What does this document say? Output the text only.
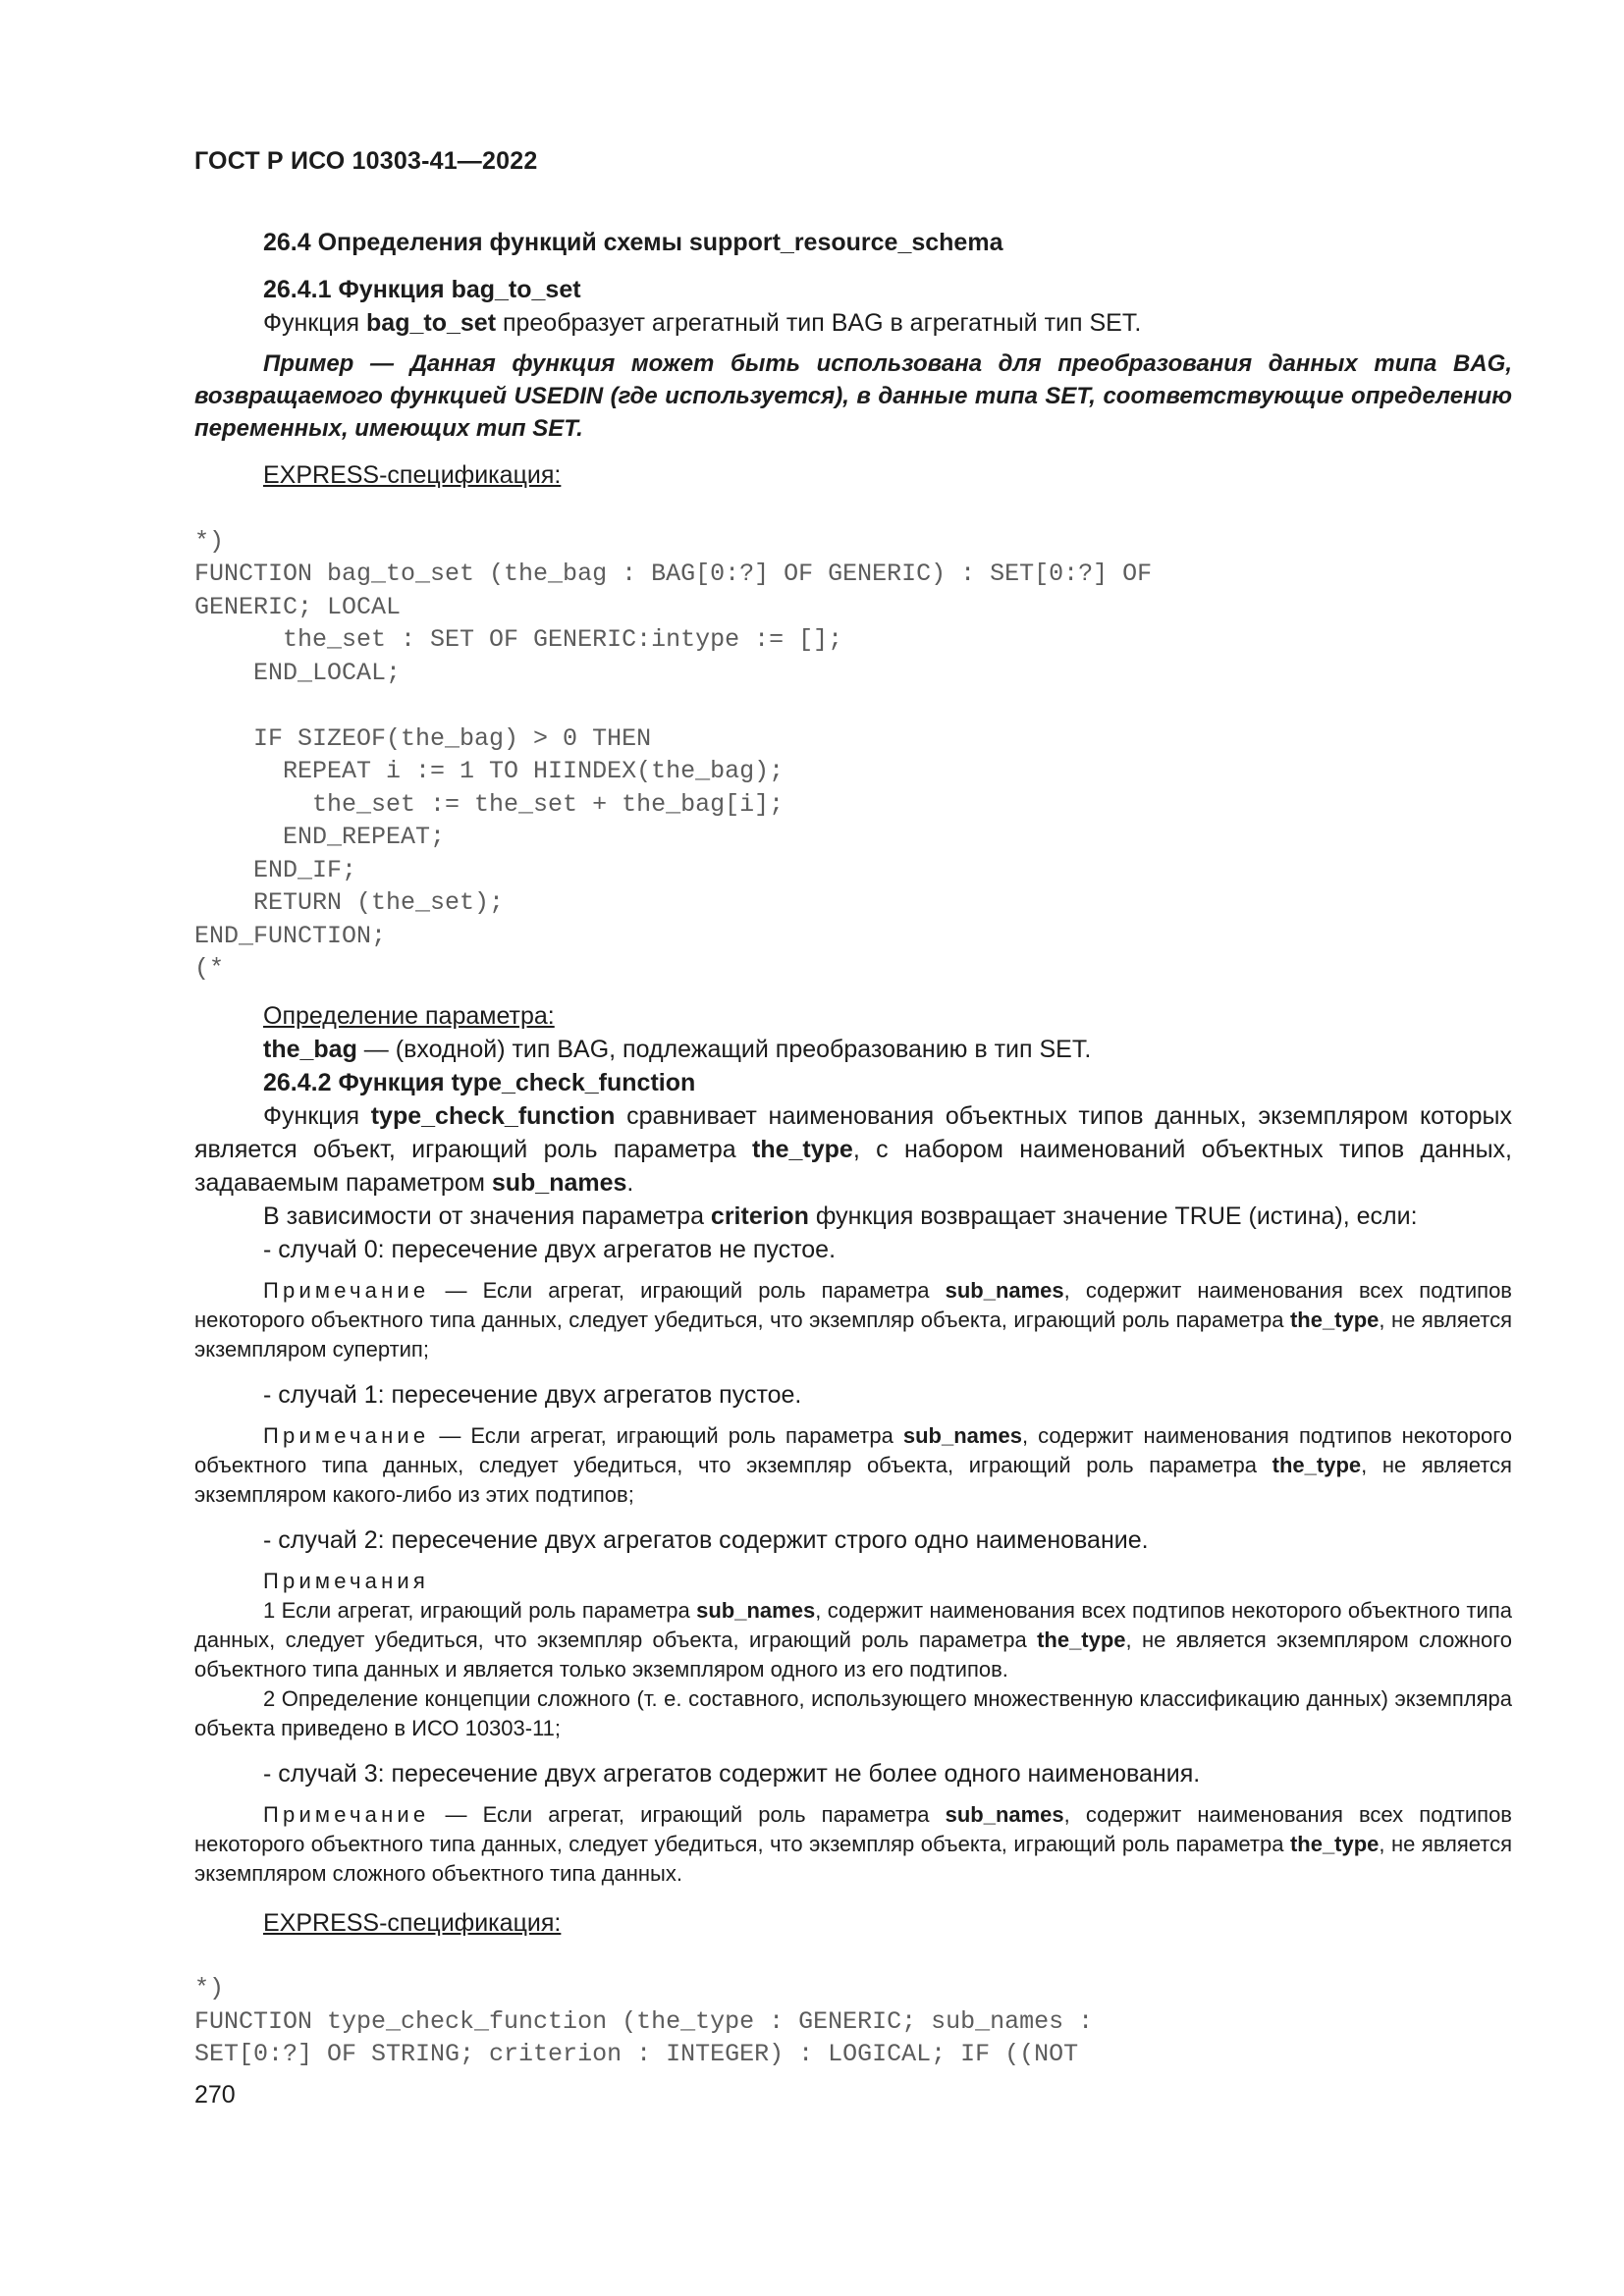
ГОСТ Р ИСО 10303-41—2022

26.4 Определения функций схемы support_resource_schema

26.4.1 Функция bag_to_set

Функция bag_to_set преобразует агрегатный тип BAG в агрегатный тип SET.

Пример — Данная функция может быть использована для преобразования данных типа BAG, возвращаемого функцией USEDIN (где используется), в данные типа SET, соответствующие определению переменных, имеющих тип SET.

EXPRESS-спецификация:

*)
FUNCTION bag_to_set (the_bag : BAG[0:?] OF GENERIC) : SET[0:?] OF
GENERIC; LOCAL
the_set : SET OF GENERIC:intype := [];
END_LOCAL;

IF SIZEOF(the_bag) > 0 THEN
REPEAT i := 1 TO HIINDEX(the_bag);
the_set := the_set + the_bag[i];
END_REPEAT;
END_IF;
RETURN (the_set);
END_FUNCTION;
(*

Определение параметра:

the_bag — (входной) тип BAG, подлежащий преобразованию в тип SET.

26.4.2 Функция type_check_function

Функция type_check_function сравнивает наименования объектных типов данных, экземпляром которых является объект, играющий роль параметра the_type, с набором наименований объектных типов данных, задаваемым параметром sub_names.

В зависимости от значения параметра criterion функция возвращает значение TRUE (истина), если:

- случай 0: пересечение двух агрегатов не пустое.

Примечание — Если агрегат, играющий роль параметра sub_names, содержит наименования всех подтипов некоторого объектного типа данных, следует убедиться, что экземпляр объекта, играющий роль параметра the_type, не является экземпляром супертип;

- случай 1: пересечение двух агрегатов пустое.

Примечание — Если агрегат, играющий роль параметра sub_names, содержит наименования подтипов некоторого объектного типа данных, следует убедиться, что экземпляр объекта, играющий роль параметра the_type, не является экземпляром какого-либо из этих подтипов;

- случай 2: пересечение двух агрегатов содержит строго одно наименование.

Примечания

1 Если агрегат, играющий роль параметра sub_names, содержит наименования всех подтипов некоторого объектного типа данных, следует убедиться, что экземпляр объекта, играющий роль параметра the_type, не является экземпляром сложного объектного типа данных и является только экземпляром одного из его подтипов.

2 Определение концепции сложного (т. е. составного, использующего множественную классификацию данных) экземпляра объекта приведено в ИСО 10303-11;

- случай 3: пересечение двух агрегатов содержит не более одного наименования.

Примечание — Если агрегат, играющий роль параметра sub_names, содержит наименования всех подтипов некоторого объектного типа данных, следует убедиться, что экземпляр объекта, играющий роль параметра the_type, не является экземпляром сложного объектного типа данных.

EXPRESS-спецификация:

*)
FUNCTION type_check_function (the_type : GENERIC; sub_names :
SET[0:?] OF STRING; criterion : INTEGER) : LOGICAL; IF ((NOT
270
